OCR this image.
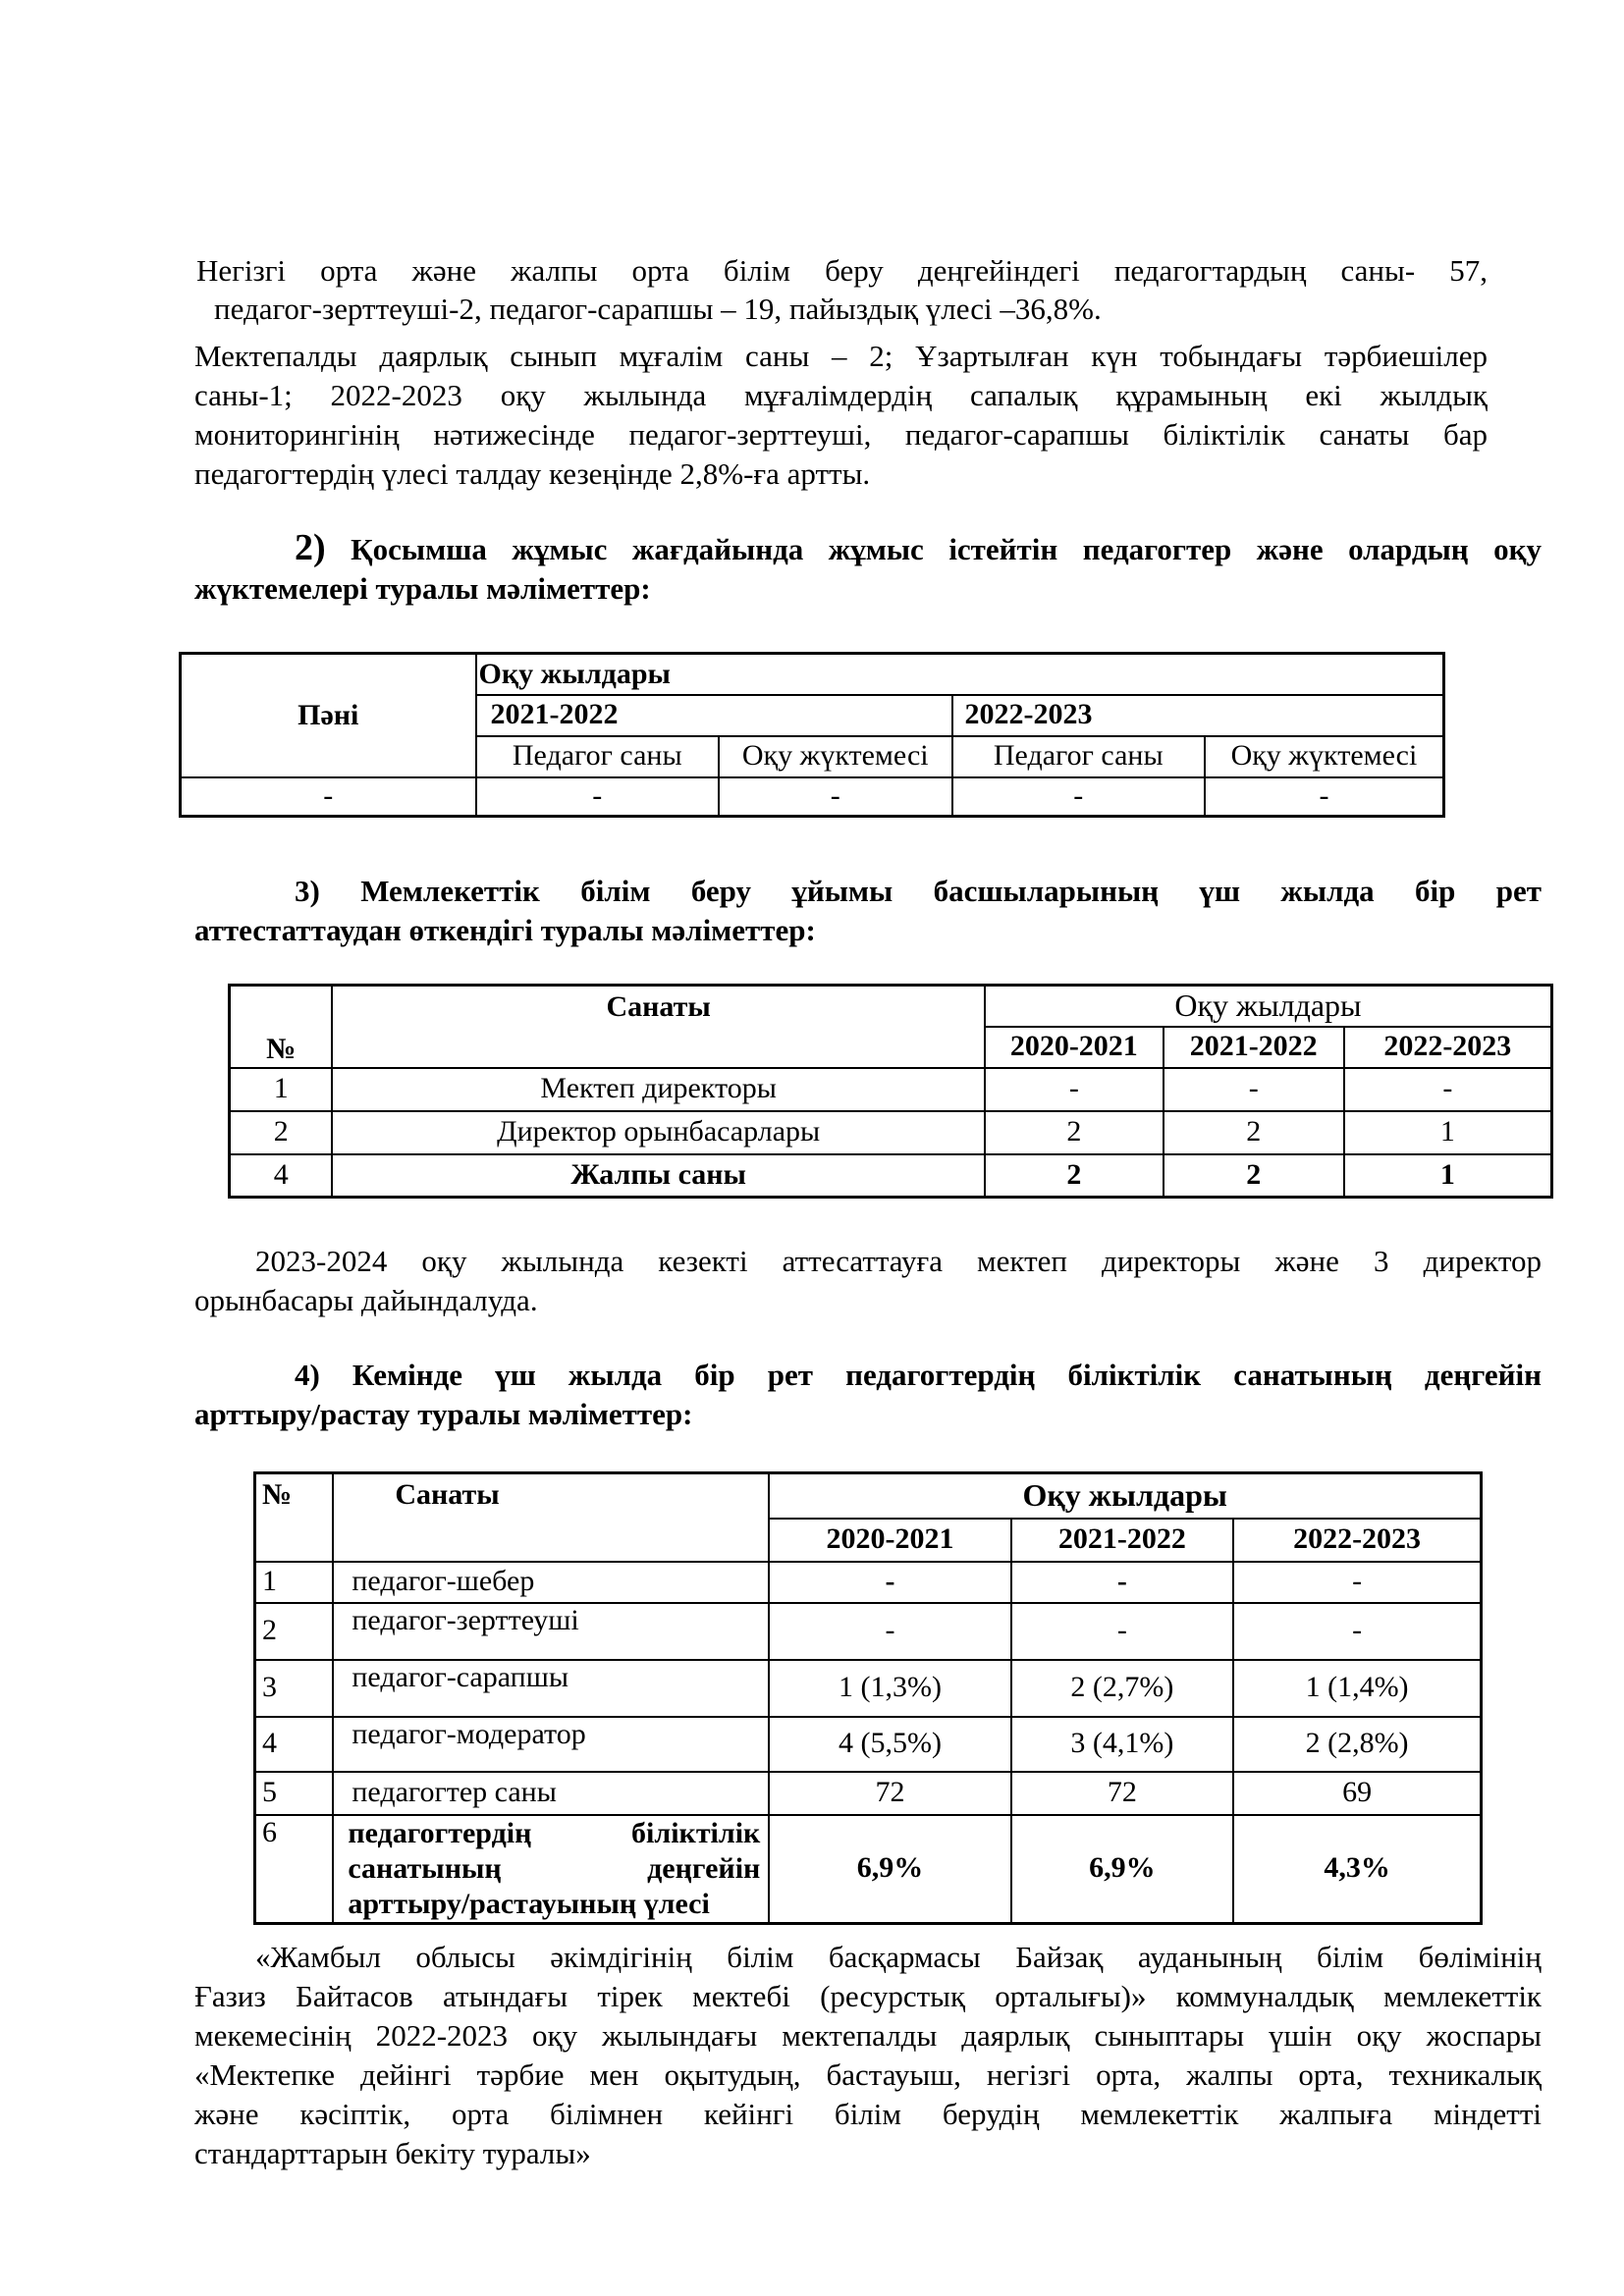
Негізгі орта және жалпы орта білім беру деңгейіндегі педагогтардың саны- 57,
педагог-зерттеуші-2, педагог-сарапшы – 19, пайыздық үлесі –36,8%.
Мектепалды даярлық сынып мұғалім саны – 2; Ұзартылған күн тобындағы тәрбиешілер
саны-1; 2022-2023 оқу жылында мұғалімдердің сапалық құрамының екі жылдық
мониторингінің нәтижесінде педагог-зерттеуші, педагог-сарапшы біліктілік санаты бар
педагогтердің үлесі талдау кезеңінде 2,8%-ға артты.
2) Қосымша жұмыс жағдайында жұмыс істейтін педагогтер және олардың оқу
жүктемелері туралы мәліметтер:
Пәні	Оқу жылдары			
	2021-2022		2022-2023	
	Педагог саны	Оқу жүктемесі	Педагог саны	Оқу жүктемесі
-	-	-	-	-
3) Мемлекеттік білім беру ұйымы басшыларының үш жылда бір рет
аттестаттаудан өткендігі туралы мәліметтер:
№	Санаты	Оқу жылдары		
		2020-2021	2021-2022	2022-2023
1	Мектеп директоры	-	-	-
2	Директор орынбасарлары	2	2	1
4	Жалпы саны	2	2	1
2023-2024 оқу жылында кезекті аттесаттауға мектеп директоры және 3 директор
орынбасары дайындалуда.
4) Кемінде үш жылда бір рет педагогтердің біліктілік санатының деңгейін
арттыру/растау туралы мәліметтер:
№	Санаты	Оқу жылдары		
		2020-2021	2021-2022	2022-2023
1	педагог-шебер	-	-	-
2	педагог-зерттеуші	-	-	-
3	педагог-сарапшы	1 (1,3%)	2 (2,7%)	1 (1,4%)
4	педагог-модератор	4 (5,5%)	3 (4,1%)	2 (2,8%)
5	педагогтер саны	72	72	69
6	педагогтердің біліктілік
санатының деңгейін
арттыру/растауының үлесі	6,9%	6,9%	4,3%
«Жамбыл облысы әкімдігінің білім басқармасы Байзақ ауданының білім бөлімінің
Ғазиз Байтасов атындағы тірек мектебі (ресурстық орталығы)» коммуналдық мемлекеттік
мекемесінің 2022-2023 оқу жылындағы мектепалды даярлық сыныптары үшін оқу жоспары
«Мектепке дейінгі тәрбие мен оқытудың, бастауыш, негізгі орта, жалпы орта, техникалық
және кәсіптік, орта білімнен кейінгі білім берудің мемлекеттік жалпыға міндетті
стандарттарын бекіту туралы»
